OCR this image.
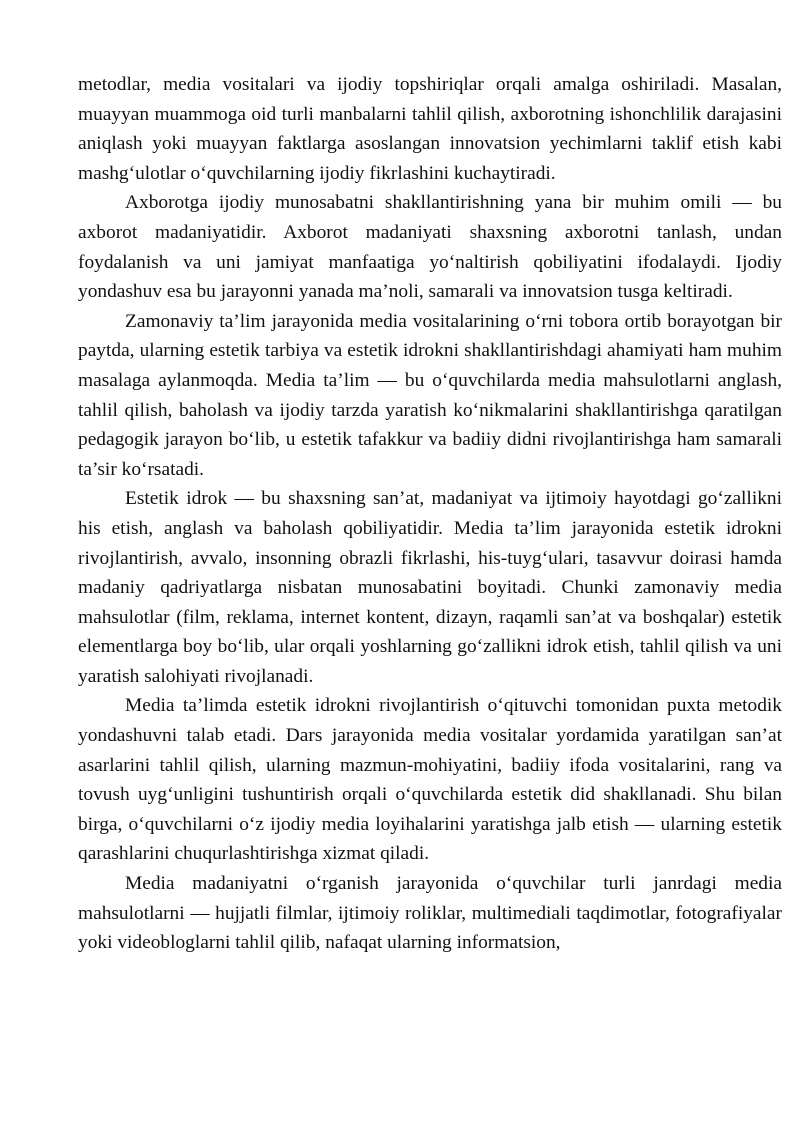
metodlar, media vositalari va ijodiy topshiriqlar orqali amalga oshiriladi. Masalan, muayyan muammoga oid turli manbalarni tahlil qilish, axborotning ishonchlilik darajasini aniqlash yoki muayyan faktlarga asoslangan innovatsion yechimlarni taklif etish kabi mashg‘ulotlar o‘quvchilarning ijodiy fikrlashini kuchaytiradi.

Axborotga ijodiy munosabatni shakllantirishning yana bir muhim omili — bu axborot madaniyatidir. Axborot madaniyati shaxsning axborotni tanlash, undan foydalanish va uni jamiyat manfaatiga yo‘naltirish qobiliyatini ifodalaydi. Ijodiy yondashuv esa bu jarayonni yanada ma’noli, samarali va innovatsion tusga keltiradi.

Zamonaviy ta’lim jarayonida media vositalarining o‘rni tobora ortib borayotgan bir paytda, ularning estetik tarbiya va estetik idrokni shakllantirishdagi ahamiyati ham muhim masalaga aylanmoqda. Media ta’lim — bu o‘quvchilarda media mahsulotlarni anglash, tahlil qilish, baholash va ijodiy tarzda yaratish ko‘nikmalarini shakllantirishga qaratilgan pedagogik jarayon bo‘lib, u estetik tafakkur va badiiy didni rivojlantirishga ham samarali ta’sir ko‘rsatadi.

Estetik idrok — bu shaxsning san’at, madaniyat va ijtimoiy hayotdagi go‘zallikni his etish, anglash va baholash qobiliyatidir. Media ta’lim jarayonida estetik idrokni rivojlantirish, avvalo, insonning obrazli fikrlashi, his-tuyg‘ulari, tasavvur doirasi hamda madaniy qadriyatlarga nisbatan munosabatini boyitadi. Chunki zamonaviy media mahsulotlar (film, reklama, internet kontent, dizayn, raqamli san’at va boshqalar) estetik elementlarga boy bo‘lib, ular orqali yoshlarning go‘zallikni idrok etish, tahlil qilish va uni yaratish salohiyati rivojlanadi.

Media ta’limda estetik idrokni rivojlantirish o‘qituvchi tomonidan puxta metodik yondashuvni talab etadi. Dars jarayonida media vositalar yordamida yaratilgan san’at asarlarini tahlil qilish, ularning mazmun-mohiyatini, badiiy ifoda vositalarini, rang va tovush uyg‘unligini tushuntirish orqali o‘quvchilarda estetik did shakllanadi. Shu bilan birga, o‘quvchilarni o‘z ijodiy media loyihalarini yaratishga jalb etish — ularning estetik qarashlarini chuqurlashtirishga xizmat qiladi.

Media madaniyatni o‘rganish jarayonida o‘quvchilar turli janrdagi media mahsulotlarni — hujjatli filmlar, ijtimoiy roliklar, multimediali taqdimotlar, fotografiyalar yoki videobloglarni tahlil qilib, nafaqat ularning informatsion,
